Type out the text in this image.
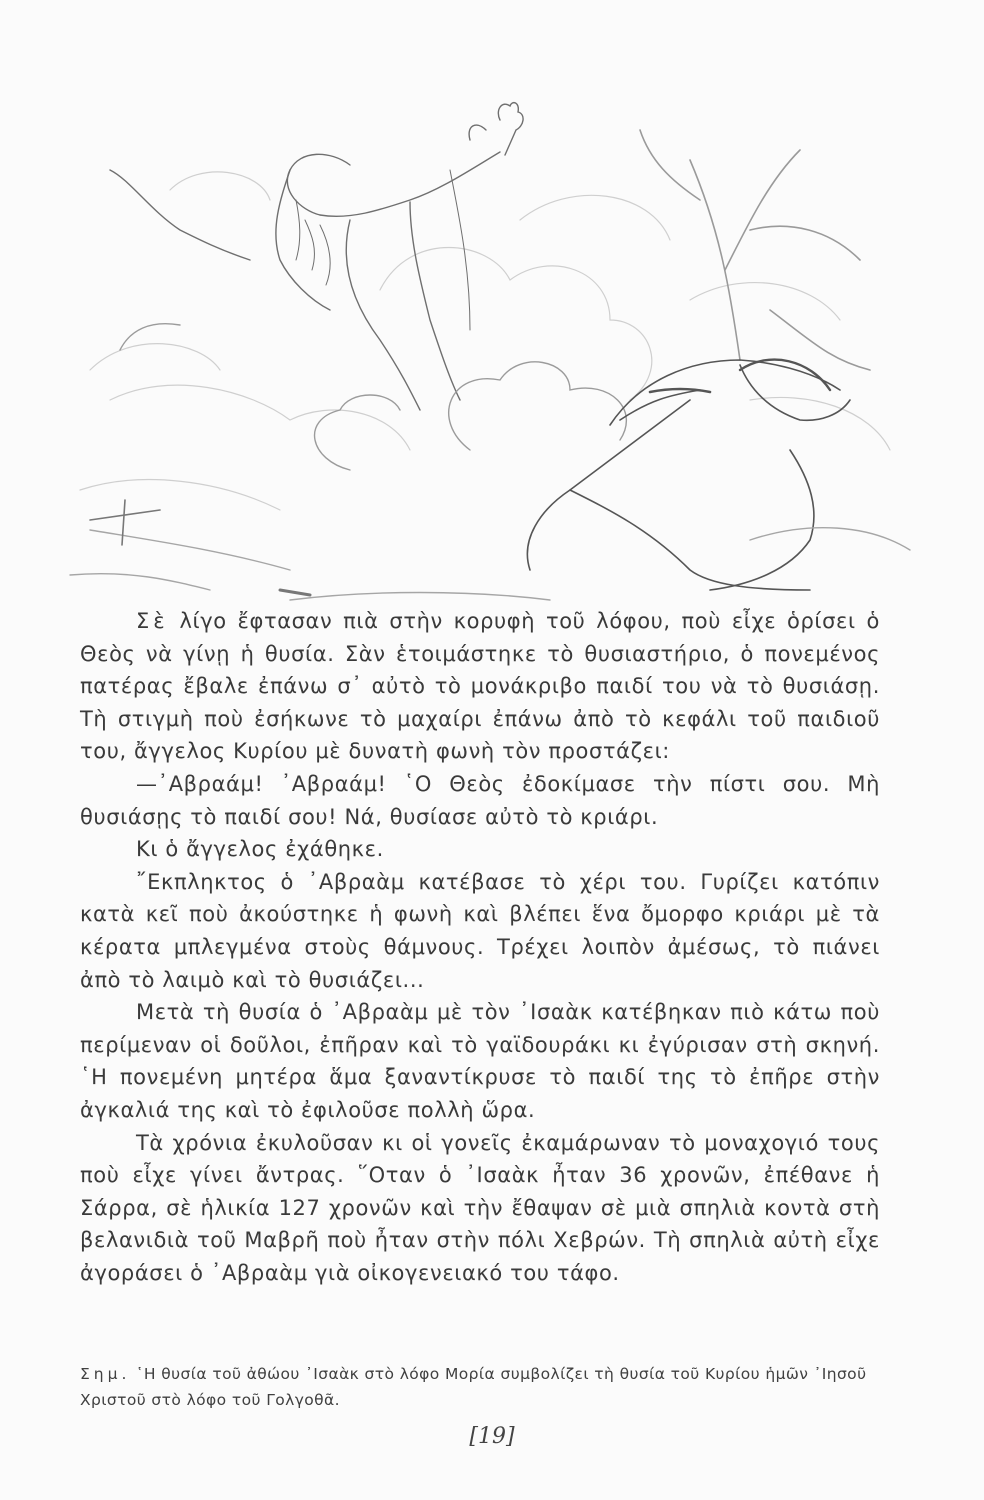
Σὲ λίγο ἔφτασαν πιὰ στὴν κορυφὴ τοῦ λόφου, ποὺ εἶχε ὁρίσει ὁ Θεὸς νὰ γίνῃ ἡ θυσία. Σὰν ἑτοιμάστηκε τὸ θυσιαστήριο, ὁ πονεμένος πατέρας ἔβαλε ἐπάνω σ᾽ αὐτὸ τὸ μονάκριβο παιδί του νὰ τὸ θυσιάσῃ. Τὴ στιγμὴ ποὺ ἐσήκωνε τὸ μαχαίρι ἐπάνω ἀπὸ τὸ κεφάλι τοῦ παιδιοῦ του, ἄγγελος Κυρίου μὲ δυνατὴ φωνὴ τὸν προστάζει:

—᾿Αβραάμ! ᾿Αβραάμ! ῾Ο Θεὸς ἐδοκίμασε τὴν πίστι σου. Μὴ θυσιάσῃς τὸ παιδί σου! Νά, θυσίασε αὐτὸ τὸ κριάρι.

Κι ὁ ἄγγελος ἐχάθηκε.

῎Εκπληκτος ὁ ᾿Αβραὰμ κατέβασε τὸ χέρι του. Γυρίζει κατόπιν κατὰ κεῖ ποὺ ἀκούστηκε ἡ φωνὴ καὶ βλέπει ἕνα ὄμορφο κριάρι μὲ τὰ κέρατα μπλεγμένα στοὺς θάμνους. Τρέχει λοιπὸν ἀμέσως, τὸ πιάνει ἀπὸ τὸ λαιμὸ καὶ τὸ θυσιάζει...

Μετὰ τὴ θυσία ὁ ᾿Αβραὰμ μὲ τὸν ᾿Ισαὰκ κατέβηκαν πιὸ κάτω ποὺ περίμεναν οἱ δοῦλοι, ἐπῆραν καὶ τὸ γαϊδουράκι κι ἐγύρισαν στὴ σκηνή. ῾Η πονεμένη μητέρα ἅμα ξαναντίκρυσε τὸ παιδί της τὸ ἐπῆρε στὴν ἀγκαλιά της καὶ τὸ ἐφιλοῦσε πολλὴ ὥρα.

Τὰ χρόνια ἐκυλοῦσαν κι οἱ γονεῖς ἐκαμάρωναν τὸ μοναχογιό τους ποὺ εἶχε γίνει ἄντρας. ῞Οταν ὁ ᾿Ισαὰκ ἦταν 36 χρονῶν, ἐπέθανε ἡ Σάρρα, σὲ ἡλικία 127 χρονῶν καὶ τὴν ἔθαψαν σὲ μιὰ σπηλιὰ κοντὰ στὴ βελανιδιὰ τοῦ Μαβρῆ ποὺ ἦταν στὴν πόλι Χεβρών. Τὴ σπηλιὰ αὐτὴ εἶχε ἀγοράσει ὁ ᾿Αβραὰμ γιὰ οἰκογενειακό του τάφο.

Σημ. ῾Η θυσία τοῦ ἀθώου ᾿Ισαὰκ στὸ λόφο Μορία συμβολίζει τὴ θυσία τοῦ Κυρίου ἡμῶν ᾿Ιησοῦ Χριστοῦ στὸ λόφο τοῦ Γολγοθᾶ.

[19]
